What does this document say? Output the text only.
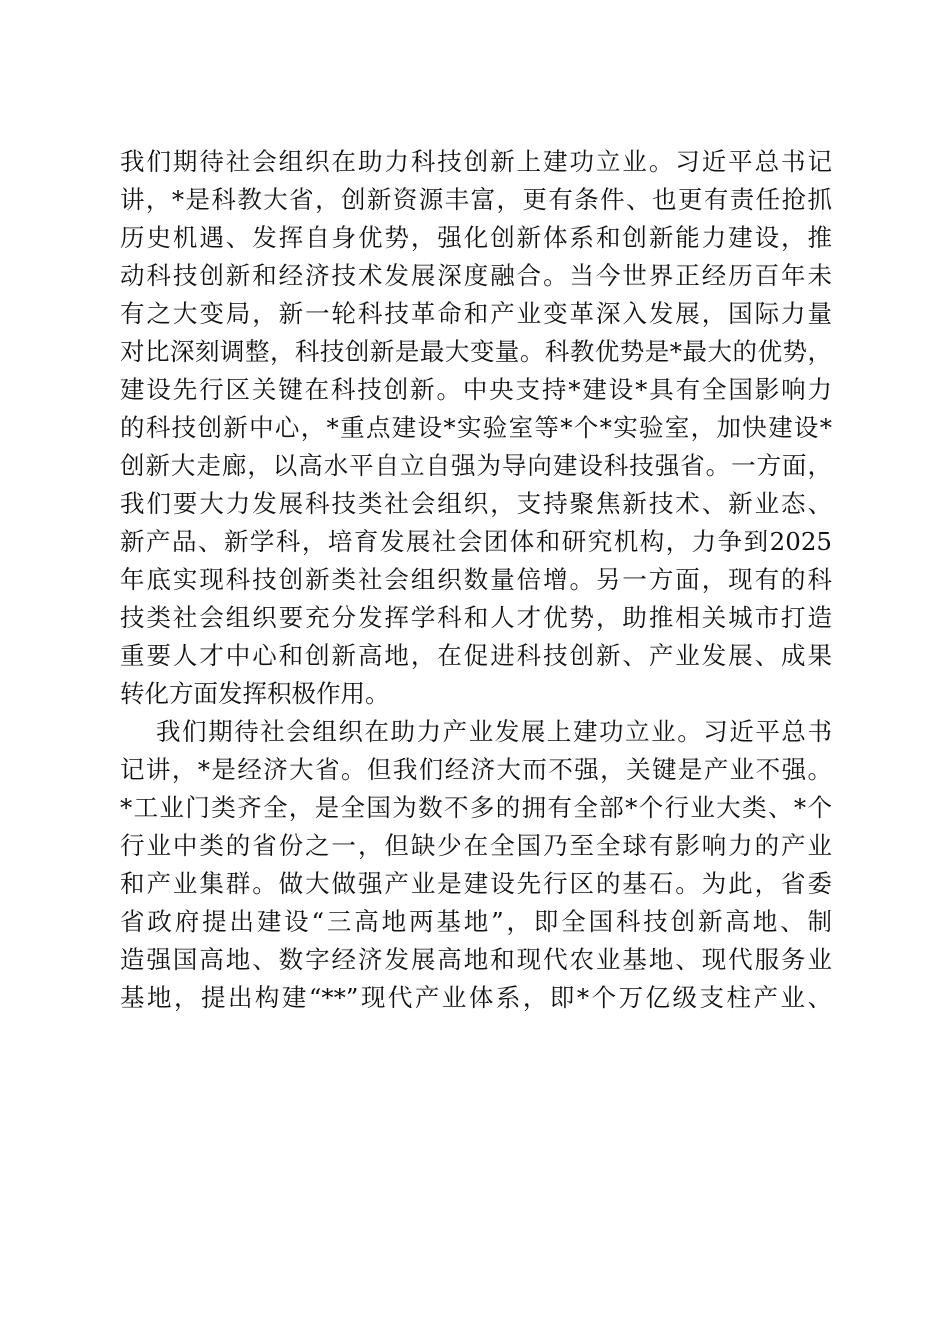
我们期待社会组织在助力科技创新上建功立业。习近平总书记
讲，*是科教大省，创新资源丰富，更有条件、也更有责任抢抓
历史机遇、发挥自身优势，强化创新体系和创新能力建设，推
动科技创新和经济技术发展深度融合。当今世界正经历百年未
有之大变局，新一轮科技革命和产业变革深入发展，国际力量
对比深刻调整，科技创新是最大变量。科教优势是*最大的优势，
建设先行区关键在科技创新。中央支持*建设*具有全国影响力
的科技创新中心，*重点建设*实验室等*个*实验室，加快建设*
创新大走廊，以高水平自立自强为导向建设科技强省。一方面，
我们要大力发展科技类社会组织，支持聚焦新技术、新业态、
新产品、新学科，培育发展社会团体和研究机构，力争到2025
年底实现科技创新类社会组织数量倍增。另一方面，现有的科
技类社会组织要充分发挥学科和人才优势，助推相关城市打造
重要人才中心和创新高地，在促进科技创新、产业发展、成果
转化方面发挥积极作用。
我们期待社会组织在助力产业发展上建功立业。习近平总书
记讲，*是经济大省。但我们经济大而不强，关键是产业不强。
*工业门类齐全，是全国为数不多的拥有全部*个行业大类、*个
行业中类的省份之一，但缺少在全国乃至全球有影响力的产业
和产业集群。做大做强产业是建设先行区的基石。为此，省委
省政府提出建设“三高地两基地”，即全国科技创新高地、制
造强国高地、数字经济发展高地和现代农业基地、现代服务业
基地，提出构建“**”现代产业体系，即*个万亿级支柱产业、
